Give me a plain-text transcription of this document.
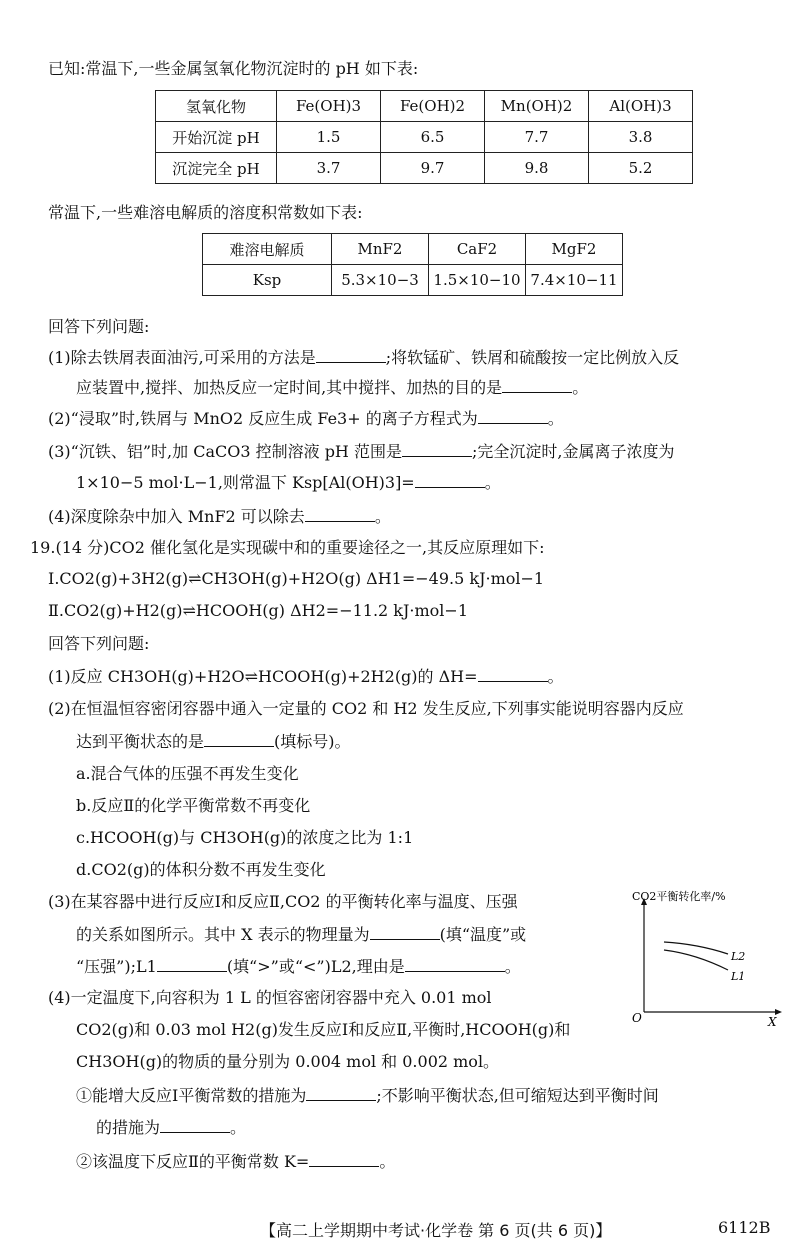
已知:常温下,一些金属氢氧化物沉淀时的 pH 如下表:
氢氧化物	Fe(OH)3	Fe(OH)2	Mn(OH)2	Al(OH)3
开始沉淀 pH	1.5	6.5	7.7	3.8
沉淀完全 pH	3.7	9.7	9.8	5.2
常温下,一些难溶电解质的溶度积常数如下表:
难溶电解质	MnF2	CaF2	MgF2
Ksp	5.3×10−3	1.5×10−10	7.4×10−11
回答下列问题:
(1)除去铁屑表面油污,可采用的方法是	;将软锰矿、铁屑和硫酸按一定比例放入反
应装置中,搅拌、加热反应一定时间,其中搅拌、加热的目的是	。
(2)“浸取”时,铁屑与 MnO2 反应生成 Fe3+ 的离子方程式为	。
(3)“沉铁、铝”时,加 CaCO3 控制溶液 pH 范围是	;完全沉淀时,金属离子浓度为
1×10−5 mol·L−1,则常温下 Ksp[Al(OH)3]=	。
(4)深度除杂中加入 MnF2 可以除去	。
19.(14 分)CO2 催化氢化是实现碳中和的重要途径之一,其反应原理如下:
Ⅰ.CO2(g)+3H2(g)⇌CH3OH(g)+H2O(g) ΔH1=−49.5 kJ·mol−1
Ⅱ.CO2(g)+H2(g)⇌HCOOH(g) ΔH2=−11.2 kJ·mol−1
回答下列问题:
(1)反应 CH3OH(g)+H2O⇌HCOOH(g)+2H2(g)的 ΔH=	。
(2)在恒温恒容密闭容器中通入一定量的 CO2 和 H2 发生反应,下列事实能说明容器内反应
达到平衡状态的是	(填标号)。
a.混合气体的压强不再发生变化
b.反应Ⅱ的化学平衡常数不再变化
c.HCOOH(g)与 CH3OH(g)的浓度之比为 1:1
d.CO2(g)的体积分数不再发生变化
(3)在某容器中进行反应Ⅰ和反应Ⅱ,CO2 的平衡转化率与温度、压强
的关系如图所示。其中 X 表示的物理量为	(填“温度”或
“压强”);L1	(填“>”或“<”)L2,理由是	。
(4)一定温度下,向容积为 1 L 的恒容密闭容器中充入 0.01 mol
CO2(g)和 0.03 mol H2(g)发生反应Ⅰ和反应Ⅱ,平衡时,HCOOH(g)和
CH3OH(g)的物质的量分别为 0.004 mol 和 0.002 mol。
①能增大反应Ⅰ平衡常数的措施为	;不影响平衡状态,但可缩短达到平衡时间
的措施为	。
②该温度下反应Ⅱ的平衡常数 K=	。
CO2平衡转化率/%
X
O
L2
L1
【高二上学期期中考试·化学卷 第 6 页(共 6 页)】	6112B
